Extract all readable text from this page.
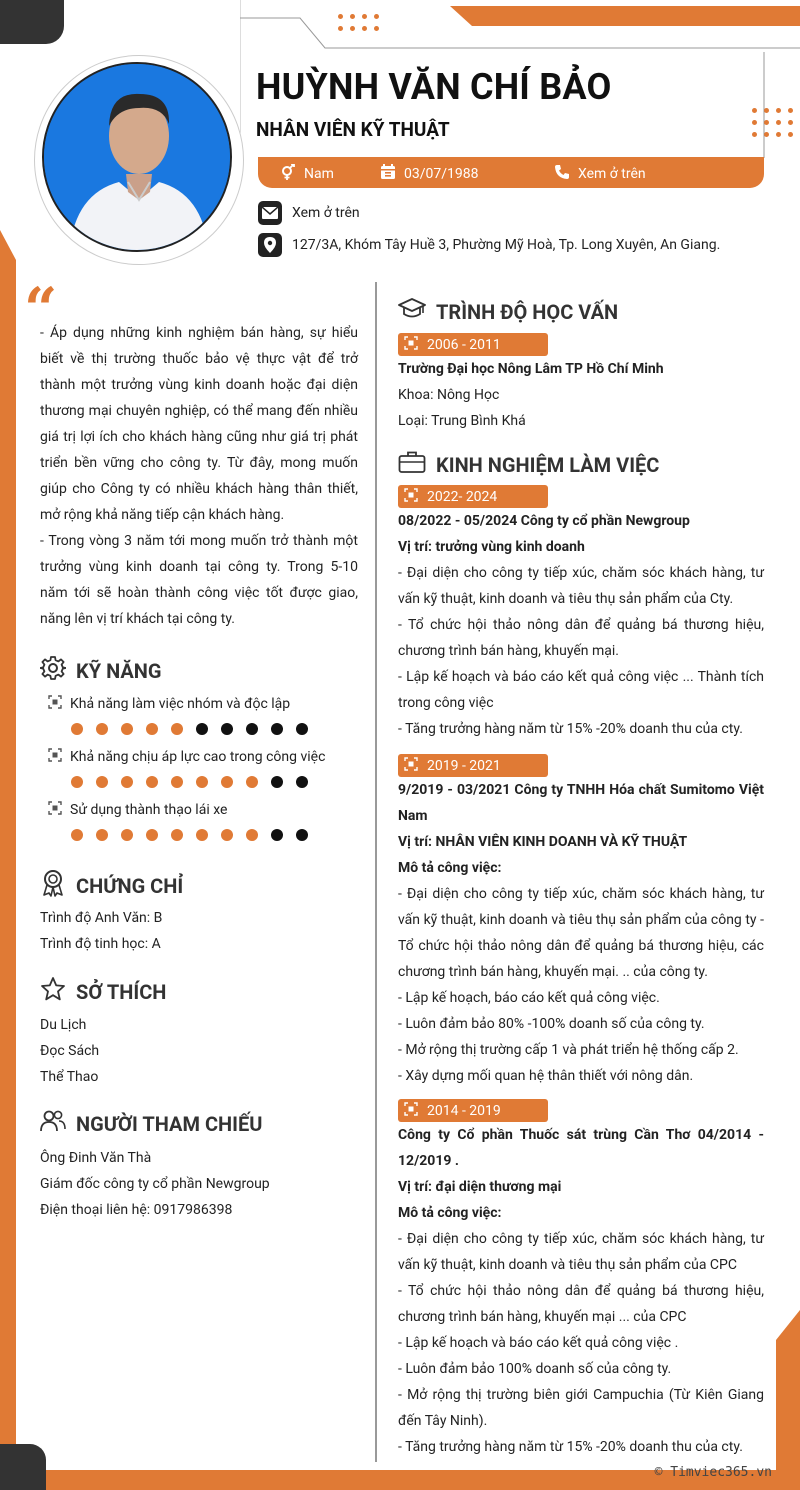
HUỲNH VĂN CHÍ BẢO
NHÂN VIÊN KỸ THUẬT
Nam	03/07/1988	Xem ở trên
Xem ở trên
127/3A, Khóm Tây Huề 3, Phường Mỹ Hoà, Tp. Long Xuyên, An Giang.
“

- Áp dụng những kinh nghiệm bán hàng, sự hiểu biết về thị trường thuốc bảo vệ thực vật để trở thành một trưởng vùng kinh doanh hoặc đại diện thương mại chuyên nghiệp, có thể mang đến nhiều giá trị lợi ích cho khách hàng cũng như giá trị phát triển bền vững cho công ty. Từ đây, mong muốn giúp cho Công ty có nhiều khách hàng thân thiết, mở rộng khả năng tiếp cận khách hàng.

- Trong vòng 3 năm tới mong muốn trở thành một trưởng vùng kinh doanh tại công ty. Trong 5-10 năm tới sẽ hoàn thành công việc tốt được giao, năng lên vị trí khách tại công ty.

KỸ NĂNG
Khả năng làm việc nhóm và độc lập
Khả năng chịu áp lực cao trong công việc
Sử dụng thành thạo lái xe
CHỨNG CHỈ
Trình độ Anh Văn: B
Trình độ tinh học: A
SỞ THÍCH
Du Lịch
Đọc Sách
Thể Thao
NGƯỜI THAM CHIẾU
Ông Đinh Văn Thà
Giám đốc công ty cổ phần Newgroup
Điện thoại liên hệ: 0917986398
TRÌNH ĐỘ HỌC VẤN
2006 - 2011
Trường Đại học Nông Lâm TP Hồ Chí Minh
Khoa: Nông Học
Loại: Trung Bình Khá
KINH NGHIỆM LÀM VIỆC
2022- 2024
08/2022 - 05/2024 Công ty cổ phần Newgroup
Vị trí: trưởng vùng kinh doanh
- Đại diện cho công ty tiếp xúc, chăm sóc khách hàng, tư vấn kỹ thuật, kinh doanh và tiêu thụ sản phẩm của Cty.
- Tổ chức hội thảo nông dân để quảng bá thương hiệu, chương trình bán hàng, khuyến mại.
- Lập kế hoạch và báo cáo kết quả công việc ... Thành tích trong công việc
- Tăng trưởng hàng năm từ 15% -20% doanh thu của cty.
2019 - 2021
9/2019 - 03/2021 Công ty TNHH Hóa chất Sumitomo Việt Nam
Vị trí: NHÂN VIÊN KINH DOANH VÀ KỸ THUẬT
Mô tả công việc:
- Đại diện cho công ty tiếp xúc, chăm sóc khách hàng, tư vấn kỹ thuật, kinh doanh và tiêu thụ sản phẩm của công ty - Tổ chức hội thảo nông dân để quảng bá thương hiệu, các chương trình bán hàng, khuyến mại. .. của công ty.
- Lập kế hoạch, báo cáo kết quả công việc.
- Luôn đảm bảo 80% -100% doanh số của công ty.
- Mở rộng thị trường cấp 1 và phát triển hệ thống cấp 2.
- Xây dựng mối quan hệ thân thiết với nông dân.
2014 - 2019
Công ty Cổ phần Thuốc sát trùng Cần Thơ 04/2014 - 12/2019 .
Vị trí: đại diện thương mại
Mô tả công việc:
- Đại diện cho công ty tiếp xúc, chăm sóc khách hàng, tư vấn kỹ thuật, kinh doanh và tiêu thụ sản phẩm của CPC
- Tổ chức hội thảo nông dân để quảng bá thương hiệu, chương trình bán hàng, khuyến mại ... của CPC
- Lập kế hoạch và báo cáo kết quả công việc .
- Luôn đảm bảo 100% doanh số của công ty.
- Mở rộng thị trường biên giới Campuchia (Từ Kiên Giang đến Tây Ninh).
- Tăng trưởng hàng năm từ 15% -20% doanh thu của cty.
© Timviec365.vn
